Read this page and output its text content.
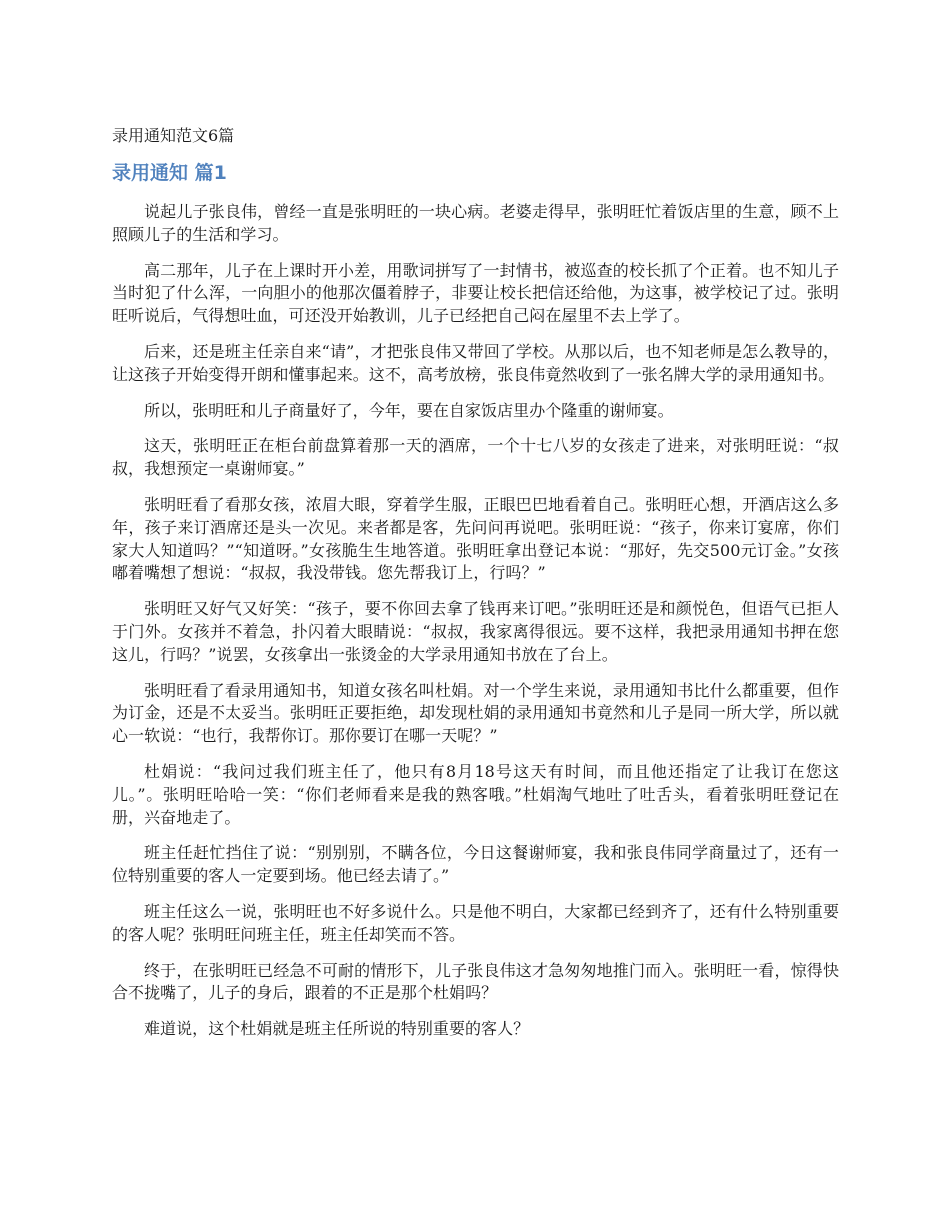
录用通知范文6篇
录用通知 篇1

说起儿子张良伟，曾经一直是张明旺的一块心病。老婆走得早，张明旺忙着饭店里的生意，顾不上照顾儿子的生活和学习。

高二那年，儿子在上课时开小差，用歌词拼写了一封情书，被巡查的校长抓了个正着。也不知儿子当时犯了什么浑，一向胆小的他那次僵着脖子，非要让校长把信还给他，为这事，被学校记了过。张明旺听说后，气得想吐血，可还没开始教训，儿子已经把自己闷在屋里不去上学了。

后来，还是班主任亲自来“请”，才把张良伟又带回了学校。从那以后，也不知老师是怎么教导的，让这孩子开始变得开朗和懂事起来。这不，高考放榜，张良伟竟然收到了一张名牌大学的录用通知书。

所以，张明旺和儿子商量好了，今年，要在自家饭店里办个隆重的谢师宴。

这天，张明旺正在柜台前盘算着那一天的酒席，一个十七八岁的女孩走了进来，对张明旺说：“叔叔，我想预定一桌谢师宴。”

张明旺看了看那女孩，浓眉大眼，穿着学生服，正眼巴巴地看着自己。张明旺心想，开酒店这么多年，孩子来订酒席还是头一次见。来者都是客，先问问再说吧。张明旺说：“孩子，你来订宴席，你们家大人知道吗？”“知道呀。”女孩脆生生地答道。张明旺拿出登记本说：“那好，先交500元订金。”女孩嘟着嘴想了想说：“叔叔，我没带钱。您先帮我订上，行吗？”

张明旺又好气又好笑：“孩子，要不你回去拿了钱再来订吧。”张明旺还是和颜悦色，但语气已拒人于门外。女孩并不着急，扑闪着大眼睛说：“叔叔，我家离得很远。要不这样，我把录用通知书押在您这儿，行吗？”说罢，女孩拿出一张烫金的大学录用通知书放在了台上。

张明旺看了看录用通知书，知道女孩名叫杜娟。对一个学生来说，录用通知书比什么都重要，但作为订金，还是不太妥当。张明旺正要拒绝，却发现杜娟的录用通知书竟然和儿子是同一所大学，所以就心一软说：“也行，我帮你订。那你要订在哪一天呢？”

杜娟说：“我问过我们班主任了，他只有8月18号这天有时间，而且他还指定了让我订在您这儿。”。张明旺哈哈一笑：“你们老师看来是我的熟客哦。”杜娟淘气地吐了吐舌头，看着张明旺登记在册，兴奋地走了。

班主任赶忙挡住了说：“别别别，不瞒各位，今日这餐谢师宴，我和张良伟同学商量过了，还有一位特别重要的客人一定要到场。他已经去请了。”

班主任这么一说，张明旺也不好多说什么。只是他不明白，大家都已经到齐了，还有什么特别重要的客人呢？张明旺问班主任，班主任却笑而不答。

终于，在张明旺已经急不可耐的情形下，儿子张良伟这才急匆匆地推门而入。张明旺一看，惊得快合不拢嘴了，儿子的身后，跟着的不正是那个杜娟吗？

难道说，这个杜娟就是班主任所说的特别重要的客人？
